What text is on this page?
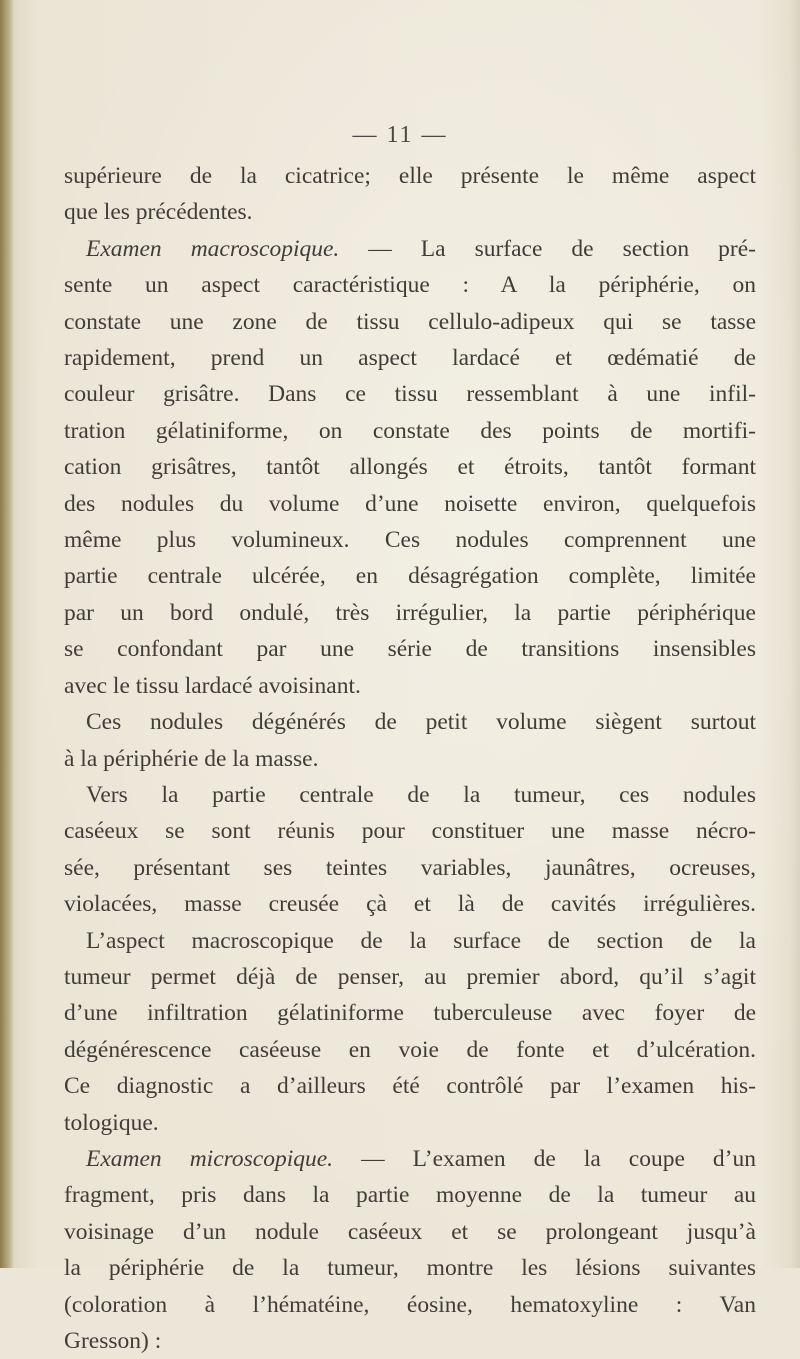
— 11 —
supérieure de la cicatrice; elle présente le même aspect
que les précédentes.
Examen macroscopique. — La surface de section pré-
sente un aspect caractéristique : A la périphérie, on
constate une zone de tissu cellulo-adipeux qui se tasse
rapidement, prend un aspect lardacé et œdématié de
couleur grisâtre. Dans ce tissu ressemblant à une infil-
tration gélatiniforme, on constate des points de mortifi-
cation grisâtres, tantôt allongés et étroits, tantôt formant
des nodules du volume d’une noisette environ, quelquefois
même plus volumineux. Ces nodules comprennent une
partie centrale ulcérée, en désagrégation complète, limitée
par un bord ondulé, très irrégulier, la partie périphérique
se confondant par une série de transitions insensibles
avec le tissu lardacé avoisinant.
Ces nodules dégénérés de petit volume siègent surtout
à la périphérie de la masse.
Vers la partie centrale de la tumeur, ces nodules
caséeux se sont réunis pour constituer une masse nécro-
sée, présentant ses teintes variables, jaunâtres, ocreuses,
violacées, masse creusée çà et là de cavités irrégulières.
L’aspect macroscopique de la surface de section de la
tumeur permet déjà de penser, au premier abord, qu’il s’agit
d’une infiltration gélatiniforme tuberculeuse avec foyer de
dégénérescence caséeuse en voie de fonte et d’ulcération.
Ce diagnostic a d’ailleurs été contrôlé par l’examen his-
tologique.
Examen microscopique. — L’examen de la coupe d’un
fragment, pris dans la partie moyenne de la tumeur au
voisinage d’un nodule caséeux et se prolongeant jusqu’à
la périphérie de la tumeur, montre les lésions suivantes
(coloration à l’hématéine, éosine, hematoxyline : Van
Gresson) :
